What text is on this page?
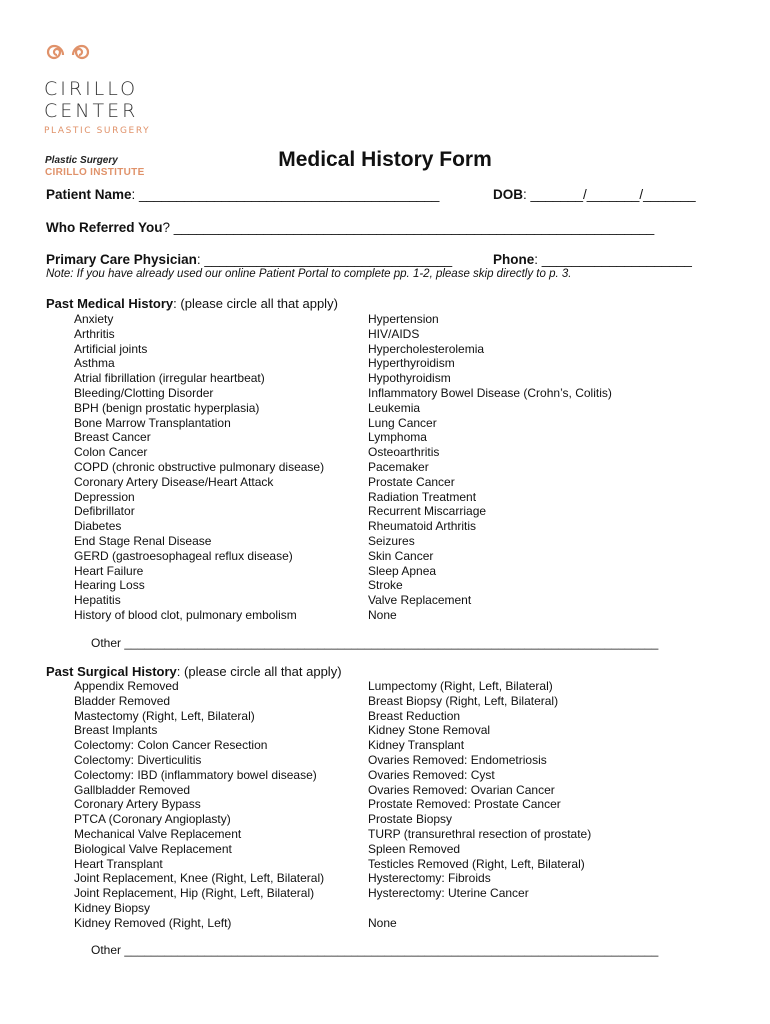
CIRILLO
CENTER
PLASTIC SURGERY
Plastic Surgery
CIRILLO INSTITUTE
Medical History Form
Patient Name: ________________________________________	DOB: _______/_______/_______
Who Referred You? ________________________________________________________________
Primary Care Physician: _________________________________	Phone: ____________________
Note: If you have already used our online Patient Portal to complete pp. 1-2, please skip directly to p. 3.
Past Medical History: (please circle all that apply)
Anxiety
Arthritis
Artificial joints
Asthma
Atrial fibrillation (irregular heartbeat)
Bleeding/Clotting Disorder
BPH (benign prostatic hyperplasia)
Bone Marrow Transplantation
Breast Cancer
Colon Cancer
COPD (chronic obstructive pulmonary disease)
Coronary Artery Disease/Heart Attack
Depression
Defibrillator
Diabetes
End Stage Renal Disease
GERD (gastroesophageal reflux disease)
Heart Failure
Hearing Loss
Hepatitis
History of blood clot, pulmonary embolism
Hypertension
HIV/AIDS
Hypercholesterolemia
Hyperthyroidism
Hypothyroidism
Inflammatory Bowel Disease (Crohn’s, Colitis)
Leukemia
Lung Cancer
Lymphoma
Osteoarthritis
Pacemaker
Prostate Cancer
Radiation Treatment
Recurrent Miscarriage
Rheumatoid Arthritis
Seizures
Skin Cancer
Sleep Apnea
Stroke
Valve Replacement
None
Other ________________________________________________________________________________
Past Surgical History: (please circle all that apply)
Appendix Removed
Bladder Removed
Mastectomy (Right, Left, Bilateral)
Breast Implants
Colectomy: Colon Cancer Resection
Colectomy: Diverticulitis
Colectomy: IBD (inflammatory bowel disease)
Gallbladder Removed
Coronary Artery Bypass
PTCA (Coronary Angioplasty)
Mechanical Valve Replacement
Biological Valve Replacement
Heart Transplant
Joint Replacement, Knee (Right, Left, Bilateral)
Joint Replacement, Hip (Right, Left, Bilateral)
Kidney Biopsy
Kidney Removed (Right, Left)
Lumpectomy (Right, Left, Bilateral)
Breast Biopsy (Right, Left, Bilateral)
Breast Reduction
Kidney Stone Removal
Kidney Transplant
Ovaries Removed: Endometriosis
Ovaries Removed: Cyst
Ovaries Removed: Ovarian Cancer
Prostate Removed: Prostate Cancer
Prostate Biopsy
TURP (transurethral resection of prostate)
Spleen Removed
Testicles Removed (Right, Left, Bilateral)
Hysterectomy: Fibroids
Hysterectomy: Uterine Cancer

None
Other ________________________________________________________________________________
